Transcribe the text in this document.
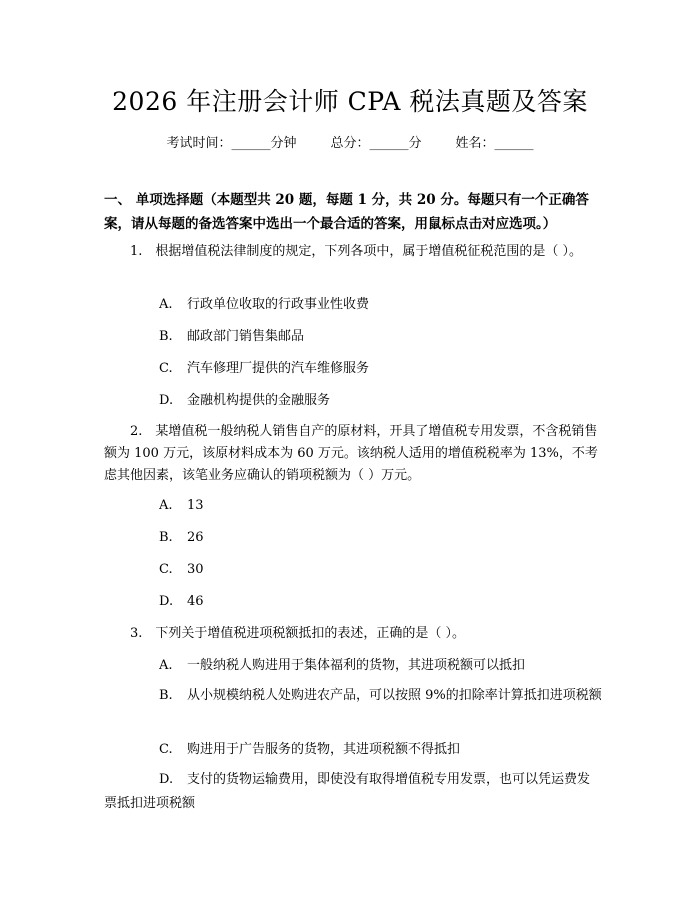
2026 年注册会计师 CPA 税法真题及答案
考试时间：______分钟	总分：______分	姓名：______
一、 单项选择题（本题型共 20 题，每题 1 分，共 20 分。每题只有一个正确答案，请从每题的备选答案中选出一个最合适的答案，用鼠标点击对应选项。）
1.　根据增值税法律制度的规定，下列各项中，属于增值税征税范围的是（ ）。
A. 行政单位收取的行政事业性收费
B. 邮政部门销售集邮品
C. 汽车修理厂提供的汽车维修服务
D. 金融机构提供的金融服务
2.　某增值税一般纳税人销售自产的原材料，开具了增值税专用发票，不含税销售额为 100 万元，该原材料成本为 60 万元。该纳税人适用的增值税税率为 13%，不考虑其他因素，该笔业务应确认的销项税额为（ ）万元。
A. 13
B. 26
C. 30
D. 46
3.　下列关于增值税进项税额抵扣的表述，正确的是（ ）。
A. 一般纳税人购进用于集体福利的货物，其进项税额可以抵扣
B. 从小规模纳税人处购进农产品，可以按照 9%的扣除率计算抵扣进项税额
C. 购进用于广告服务的货物，其进项税额不得抵扣
D. 支付的货物运输费用，即使没有取得增值税专用发票，也可以凭运费发票抵扣进项税额
